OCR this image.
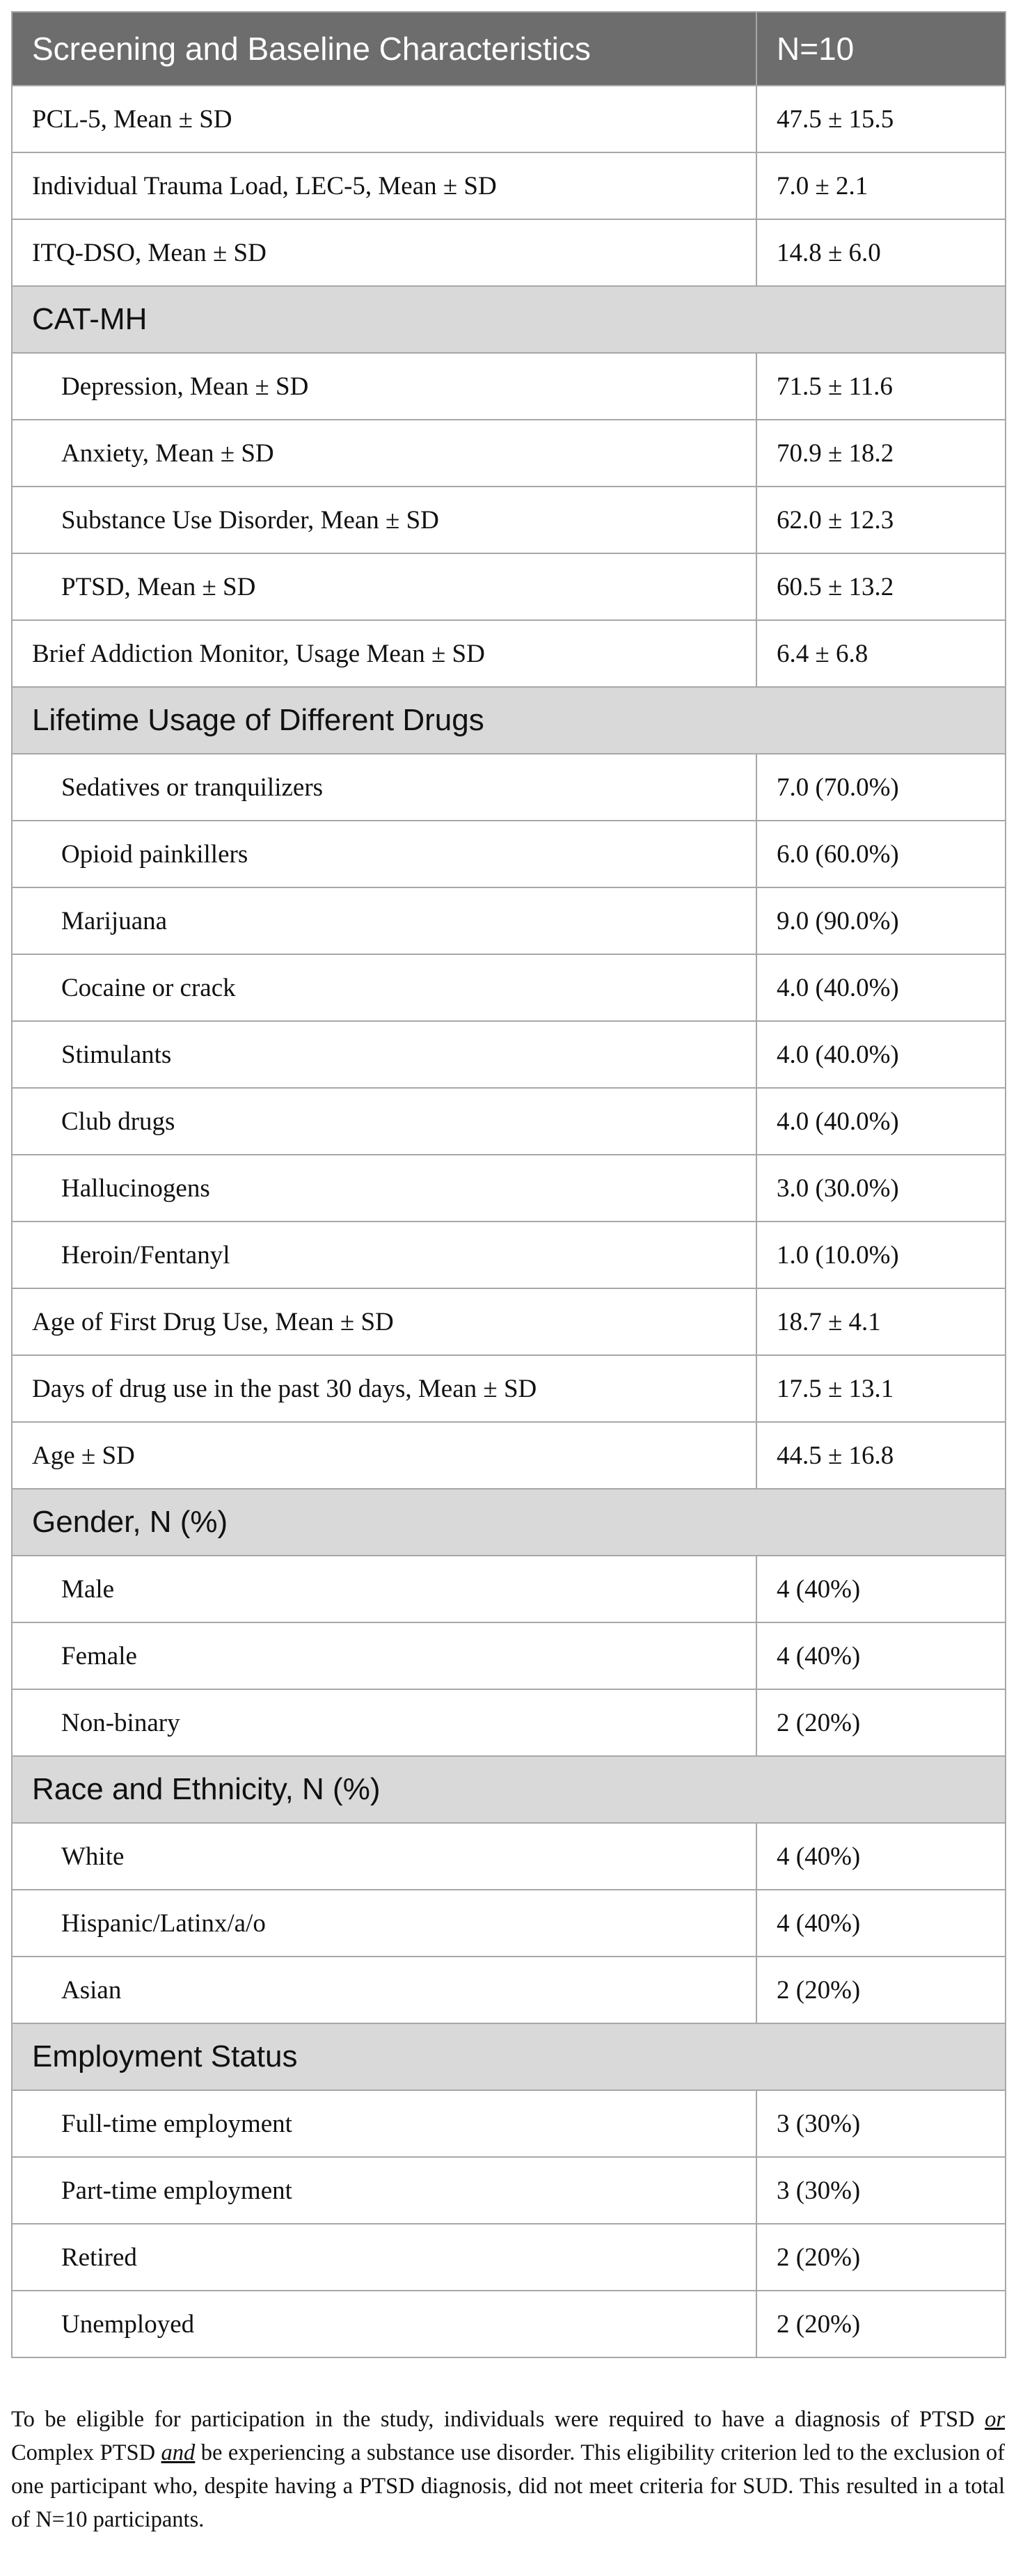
Screening and Baseline Characteristics	N=10
PCL-5, Mean ± SD	47.5 ± 15.5
Individual Trauma Load, LEC-5, Mean ± SD	7.0 ± 2.1
ITQ-DSO, Mean ± SD	14.8 ± 6.0
CAT-MH	
Depression, Mean ± SD	71.5 ± 11.6
Anxiety, Mean ± SD	70.9 ± 18.2
Substance Use Disorder, Mean ± SD	62.0 ± 12.3
PTSD, Mean ± SD	60.5 ± 13.2
Brief Addiction Monitor, Usage Mean ± SD	6.4 ± 6.8
Lifetime Usage of Different Drugs	
Sedatives or tranquilizers	7.0 (70.0%)
Opioid painkillers	6.0 (60.0%)
Marijuana	9.0 (90.0%)
Cocaine or crack	4.0 (40.0%)
Stimulants	4.0 (40.0%)
Club drugs	4.0 (40.0%)
Hallucinogens	3.0 (30.0%)
Heroin/Fentanyl	1.0 (10.0%)
Age of First Drug Use, Mean ± SD	18.7 ± 4.1
Days of drug use in the past 30 days, Mean ± SD	17.5 ± 13.1
Age ± SD	44.5 ± 16.8
Gender, N (%)	
Male	4 (40%)
Female	4 (40%)
Non-binary	2 (20%)
Race and Ethnicity, N (%)	
White	4 (40%)
Hispanic/Latinx/a/o	4 (40%)
Asian	2 (20%)
Employment Status	
Full-time employment	3 (30%)
Part-time employment	3 (30%)
Retired	2 (20%)
Unemployed	2 (20%)
To be eligible for participation in the study, individuals were required to have a diagnosis of PTSD or Complex PTSD and be experiencing a substance use disorder. This eligibility criterion led to the exclusion of one participant who, despite having a PTSD diagnosis, did not meet criteria for SUD. This resulted in a total of N=10 participants.
